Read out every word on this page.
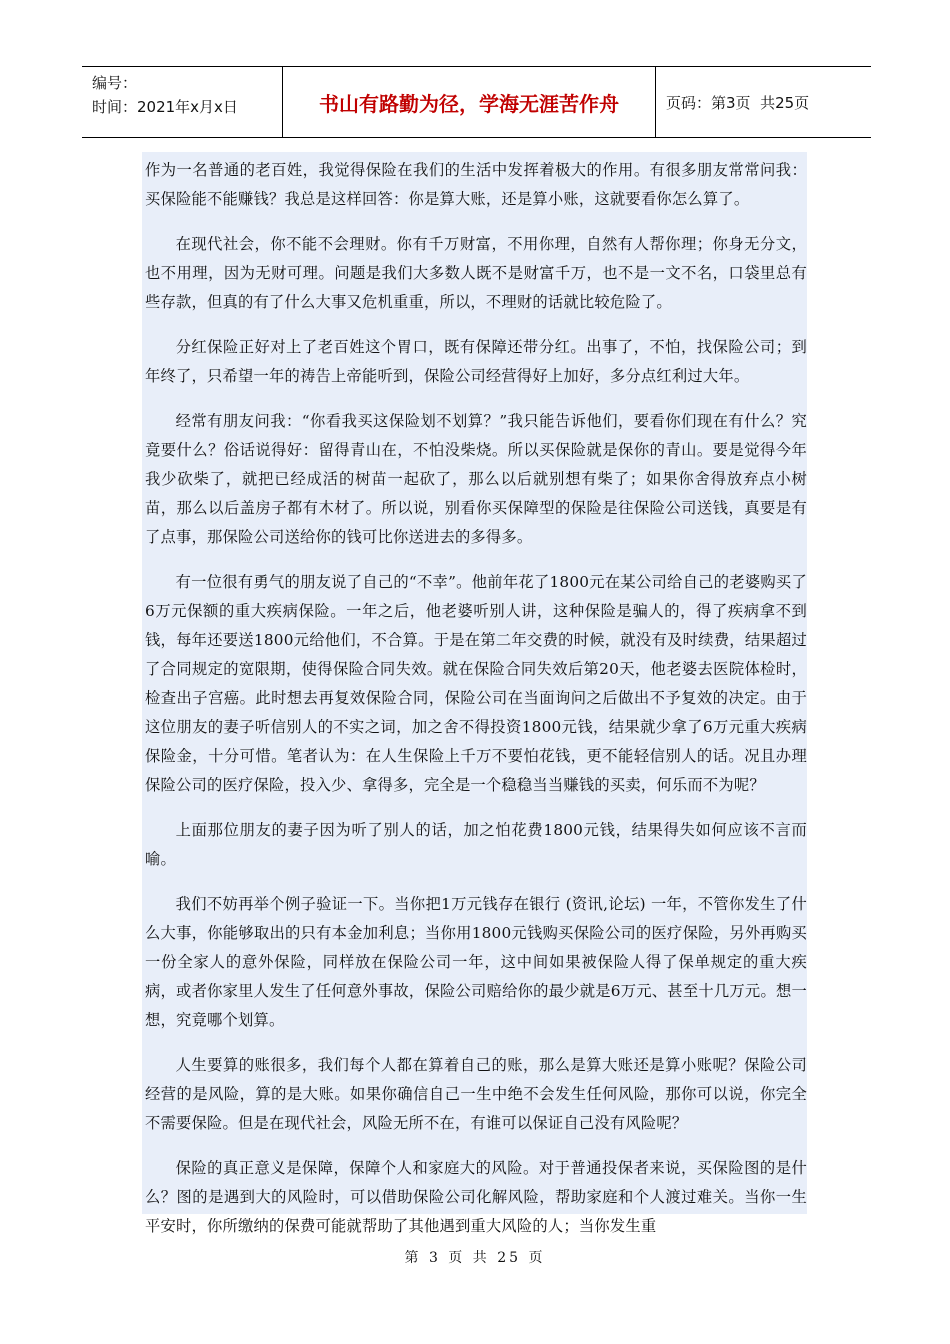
编号：
时间：2021年x月x日	书山有路勤为径，学海无涯苦作舟	页码：第3页  共25页

作为一名普通的老百姓，我觉得保险在我们的生活中发挥着极大的作用。有很多朋友常常问我：买保险能不能赚钱？我总是这样回答：你是算大账，还是算小账，这就要看你怎么算了。

在现代社会，你不能不会理财。你有千万财富，不用你理，自然有人帮你理；你身无分文，也不用理，因为无财可理。问题是我们大多数人既不是财富千万，也不是一文不名，口袋里总有些存款，但真的有了什么大事又危机重重，所以，不理财的话就比较危险了。

分红保险正好对上了老百姓这个胃口，既有保障还带分红。出事了，不怕，找保险公司；到年终了，只希望一年的祷告上帝能听到，保险公司经营得好上加好，多分点红利过大年。

经常有朋友问我：“你看我买这保险划不划算？”我只能告诉他们，要看你们现在有什么？究竟要什么？俗话说得好：留得青山在，不怕没柴烧。所以买保险就是保你的青山。要是觉得今年我少砍柴了，就把已经成活的树苗一起砍了，那么以后就别想有柴了；如果你舍得放弃点小树苗，那么以后盖房子都有木材了。所以说，别看你买保障型的保险是往保险公司送钱，真要是有了点事，那保险公司送给你的钱可比你送进去的多得多。

有一位很有勇气的朋友说了自己的“不幸”。他前年花了1800元在某公司给自己的老婆购买了6万元保额的重大疾病保险。一年之后，他老婆听别人讲，这种保险是骗人的，得了疾病拿不到钱，每年还要送1800元给他们，不合算。于是在第二年交费的时候，就没有及时续费，结果超过了合同规定的宽限期，使得保险合同失效。就在保险合同失效后第20天，他老婆去医院体检时，检查出子宫癌。此时想去再复效保险合同，保险公司在当面询问之后做出不予复效的决定。由于这位朋友的妻子听信别人的不实之词，加之舍不得投资1800元钱，结果就少拿了6万元重大疾病保险金，十分可惜。笔者认为：在人生保险上千万不要怕花钱，更不能轻信别人的话。况且办理保险公司的医疗保险，投入少、拿得多，完全是一个稳稳当当赚钱的买卖，何乐而不为呢？

上面那位朋友的妻子因为听了别人的话，加之怕花费1800元钱，结果得失如何应该不言而喻。

我们不妨再举个例子验证一下。当你把1万元钱存在银行 (资讯,论坛) 一年，不管你发生了什么大事，你能够取出的只有本金加利息；当你用1800元钱购买保险公司的医疗保险，另外再购买一份全家人的意外保险，同样放在保险公司一年，这中间如果被保险人得了保单规定的重大疾病，或者你家里人发生了任何意外事故，保险公司赔给你的最少就是6万元、甚至十几万元。想一想，究竟哪个划算。

人生要算的账很多，我们每个人都在算着自己的账，那么是算大账还是算小账呢？保险公司经营的是风险，算的是大账。如果你确信自己一生中绝不会发生任何风险，那你可以说，你完全不需要保险。但是在现代社会，风险无所不在，有谁可以保证自己没有风险呢？

保险的真正意义是保障，保障个人和家庭大的风险。对于普通投保者来说，买保险图的是什么？图的是遇到大的风险时，可以借助保险公司化解风险，帮助家庭和个人渡过难关。当你一生平安时，你所缴纳的保费可能就帮助了其他遇到重大风险的人；当你发生重

第 3 页 共 25 页
